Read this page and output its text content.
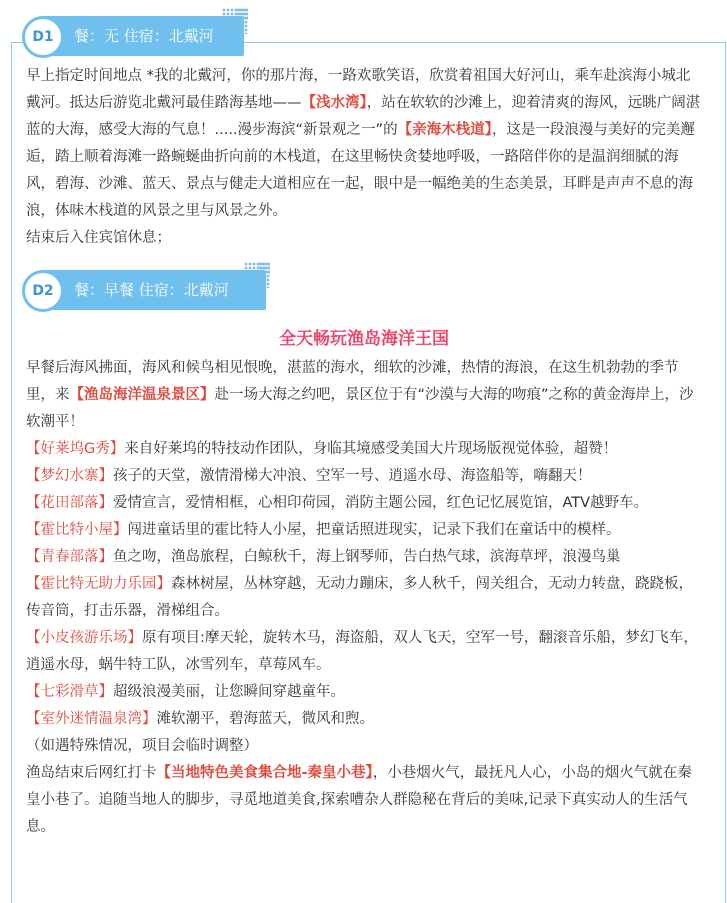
D1	餐：无 住宿：北戴河

早上指定时间地点 *我的北戴河，你的那片海，一路欢歌笑语，欣赏着祖国大好河山，乘车赴滨海小城北戴河。抵达后游览北戴河最佳踏海基地——【浅水湾】，站在软软的沙滩上，迎着清爽的海风，远眺广阔湛蓝的大海，感受大海的气息！.....漫步海滨“新景观之一”的【亲海木栈道】，这是一段浪漫与美好的完美邂逅，踏上顺着海滩一路蜿蜒曲折向前的木栈道，在这里畅快贪婪地呼吸，一路陪伴你的是温润细腻的海风，碧海、沙滩、蓝天、景点与健走大道相应在一起，眼中是一幅绝美的生态美景，耳畔是声声不息的海浪，体味木栈道的风景之里与风景之外。

结束后入住宾馆休息；

D2	餐：早餐 住宿：北戴河

全天畅玩渔岛海洋王国

早餐后海风拂面，海风和候鸟相见恨晚，湛蓝的海水，细软的沙滩，热情的海浪，在这生机勃勃的季节里，来【渔岛海洋温泉景区】赴一场大海之约吧，景区位于有“沙漠与大海的吻痕”之称的黄金海岸上，沙软潮平！

【好莱坞G秀】来自好莱坞的特技动作团队，身临其境感受美国大片现场版视觉体验，超赞！

【梦幻水寨】孩子的天堂，激情滑梯大冲浪、空军一号、逍遥水母、海盗船等，嗨翻天！

【花田部落】爱情宣言，爱情相框，心相印荷园，消防主题公园，红色记忆展览馆，ATV越野车。

【霍比特小屋】闯进童话里的霍比特人小屋，把童话照进现实，记录下我们在童话中的模样。

【青春部落】鱼之吻，渔岛旅程，白鲸秋千，海上钢琴师，告白热气球，滨海草坪，浪漫鸟巢

【霍比特无助力乐园】森林树屋，丛林穿越，无动力蹦床，多人秋千，闯关组合，无动力转盘，跷跷板，传音筒，打击乐器，滑梯组合。

【小皮孩游乐场】原有项目:摩天轮，旋转木马，海盗船，双人飞天，空军一号，翻滚音乐船，梦幻飞车，逍遥水母，蜗牛特工队，冰雪列车，草莓风车。

【七彩滑草】超级浪漫美丽，让您瞬间穿越童年。

【室外迷情温泉湾】滩软潮平，碧海蓝天，微风和煦。

（如遇特殊情况，项目会临时调整）

渔岛结束后网红打卡【当地特色美食集合地-秦皇小巷】，小巷烟火气，最抚凡人心，小岛的烟火气就在秦皇小巷了。追随当地人的脚步，寻觅地道美食,探索嘈杂人群隐秘在背后的美味,记录下真实动人的生活气息。
